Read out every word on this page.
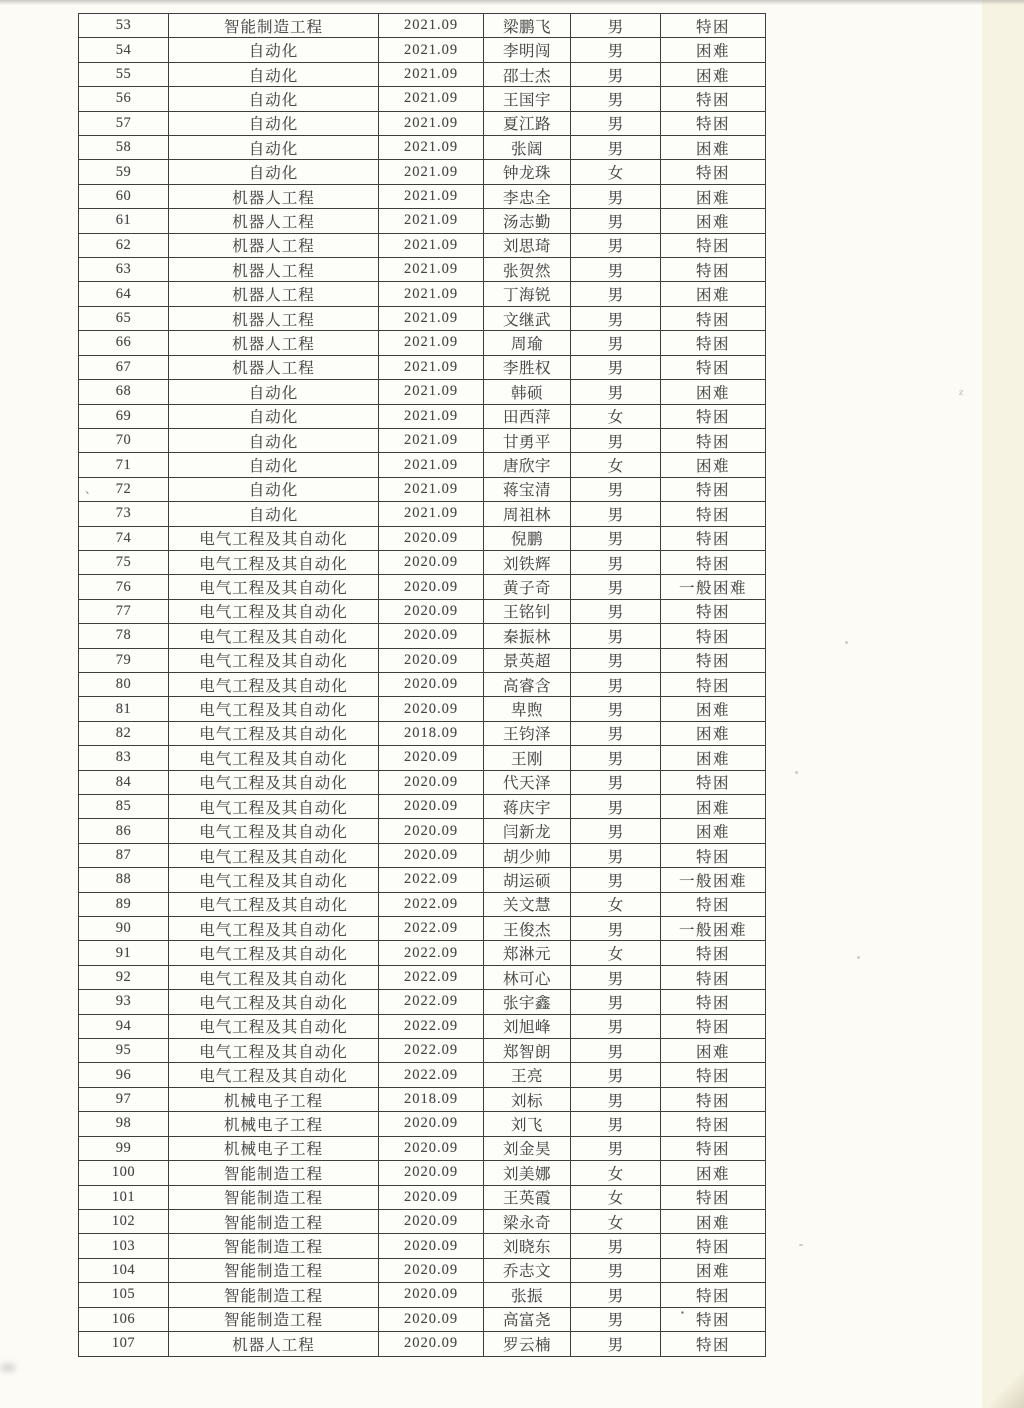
53	智能制造工程	2021.09	梁鹏飞	男	特困
54	自动化	2021.09	李明闯	男	困难
55	自动化	2021.09	邵士杰	男	困难
56	自动化	2021.09	王国宇	男	特困
57	自动化	2021.09	夏江路	男	特困
58	自动化	2021.09	张阔	男	困难
59	自动化	2021.09	钟龙珠	女	特困
60	机器人工程	2021.09	李忠全	男	困难
61	机器人工程	2021.09	汤志勤	男	困难
62	机器人工程	2021.09	刘思琦	男	特困
63	机器人工程	2021.09	张贺然	男	特困
64	机器人工程	2021.09	丁海锐	男	困难
65	机器人工程	2021.09	文继武	男	特困
66	机器人工程	2021.09	周瑜	男	特困
67	机器人工程	2021.09	李胜权	男	特困
68	自动化	2021.09	韩硕	男	困难
69	自动化	2021.09	田西萍	女	特困
70	自动化	2021.09	甘勇平	男	特困
71	自动化	2021.09	唐欣宇	女	困难
72	自动化	2021.09	蒋宝清	男	特困
73	自动化	2021.09	周祖林	男	特困
74	电气工程及其自动化	2020.09	倪鹏	男	特困
75	电气工程及其自动化	2020.09	刘铁辉	男	特困
76	电气工程及其自动化	2020.09	黄子奇	男	一般困难
77	电气工程及其自动化	2020.09	王铭钊	男	特困
78	电气工程及其自动化	2020.09	秦振林	男	特困
79	电气工程及其自动化	2020.09	景英超	男	特困
80	电气工程及其自动化	2020.09	高睿含	男	特困
81	电气工程及其自动化	2020.09	卑煦	男	困难
82	电气工程及其自动化	2018.09	王钧泽	男	困难
83	电气工程及其自动化	2020.09	王刚	男	困难
84	电气工程及其自动化	2020.09	代天泽	男	特困
85	电气工程及其自动化	2020.09	蒋庆宇	男	困难
86	电气工程及其自动化	2020.09	闫新龙	男	困难
87	电气工程及其自动化	2020.09	胡少帅	男	特困
88	电气工程及其自动化	2022.09	胡运硕	男	一般困难
89	电气工程及其自动化	2022.09	关文慧	女	特困
90	电气工程及其自动化	2022.09	王俊杰	男	一般困难
91	电气工程及其自动化	2022.09	郑淋元	女	特困
92	电气工程及其自动化	2022.09	林可心	男	特困
93	电气工程及其自动化	2022.09	张宇鑫	男	特困
94	电气工程及其自动化	2022.09	刘旭峰	男	特困
95	电气工程及其自动化	2022.09	郑智朗	男	困难
96	电气工程及其自动化	2022.09	王亮	男	特困
97	机械电子工程	2018.09	刘标	男	特困
98	机械电子工程	2020.09	刘飞	男	特困
99	机械电子工程	2020.09	刘金昊	男	特困
100	智能制造工程	2020.09	刘美娜	女	困难
101	智能制造工程	2020.09	王英霞	女	特困
102	智能制造工程	2020.09	梁永奇	女	困难
103	智能制造工程	2020.09	刘晓东	男	特困
104	智能制造工程	2020.09	乔志文	男	困难
105	智能制造工程	2020.09	张振	男	特困
106	智能制造工程	2020.09	高富尧	男	特困
107	机器人工程	2020.09	罗云楠	男	特困
、
z
▪
